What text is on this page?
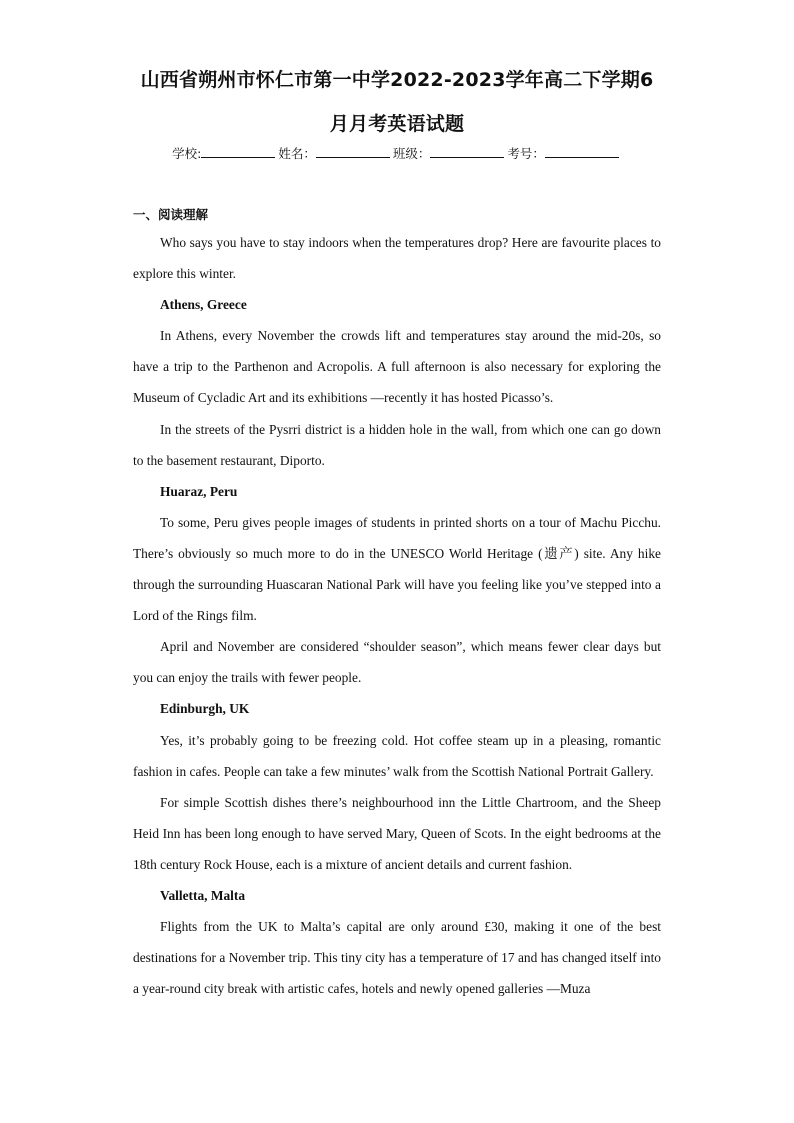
山西省朔州市怀仁市第一中学2022-2023学年高二下学期6
月月考英语试题
学校:	姓名：	班级：	考号：
一、阅读理解

Who says you have to stay indoors when the temperatures drop? Here are favourite places to explore this winter.

Athens, Greece

In Athens, every November the crowds lift and temperatures stay around the mid-20s, so have a trip to the Parthenon and Acropolis. A full afternoon is also necessary for exploring the Museum of Cycladic Art and its exhibitions —recently it has hosted Picasso’s.

In the streets of the Pysrri district is a hidden hole in the wall, from which one can go down to the basement restaurant, Diporto.

Huaraz, Peru

To some, Peru gives people images of students in printed shorts on a tour of Machu Picchu. There’s obviously so much more to do in the UNESCO World Heritage (遗产) site. Any hike through the surrounding Huascaran National Park will have you feeling like you’ve stepped into a Lord of the Rings film.

April and November are considered “shoulder season”, which means fewer clear days but you can enjoy the trails with fewer people.

Edinburgh, UK

Yes, it’s probably going to be freezing cold. Hot coffee steam up in a pleasing, romantic fashion in cafes. People can take a few minutes’ walk from the Scottish National Portrait Gallery.

For simple Scottish dishes there’s neighbourhood inn the Little Chartroom, and the Sheep Heid Inn has been long enough to have served Mary, Queen of Scots. In the eight bedrooms at the 18th century Rock House, each is a mixture of ancient details and current fashion.

Valletta, Malta

Flights from the UK to Malta’s capital are only around £30, making it one of the best destinations for a November trip. This tiny city has a temperature of 17 and has changed itself into a year-round city break with artistic cafes, hotels and newly opened galleries —Muza
